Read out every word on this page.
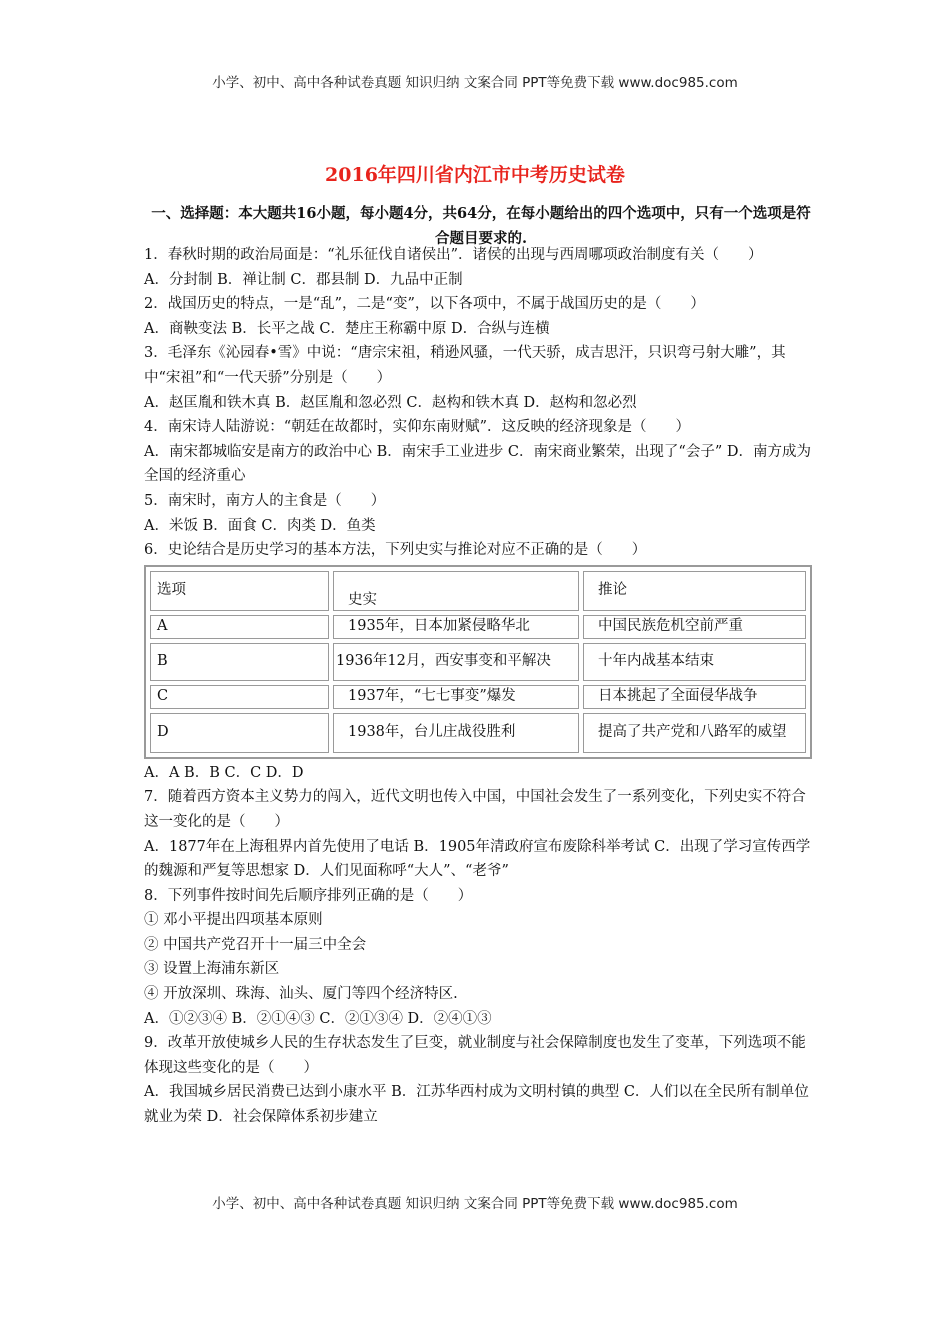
小学、初中、高中各种试卷真题 知识归纳 文案合同 PPT等免费下载 www.doc985.com
2016年四川省内江市中考历史试卷
一、选择题：本大题共16小题，每小题4分，共64分，在每小题给出的四个选项中，只有一个选项是符合题目要求的.

1．春秋时期的政治局面是：“礼乐征伐自诸侯出”．诸侯的出现与西周哪项政治制度有关（　　）

A．分封制 B．禅让制 C．郡县制 D．九品中正制

2．战国历史的特点，一是“乱”，二是“变”，以下各项中，不属于战国历史的是（　　）

A．商鞅变法 B．长平之战 C．楚庄王称霸中原 D．合纵与连横

3．毛泽东《沁园春•雪》中说：“唐宗宋祖，稍逊风骚，一代天骄，成吉思汗，只识弯弓射大雕”，其中“宋祖”和“一代天骄”分别是（　　）

A．赵匡胤和铁木真 B．赵匡胤和忽必烈 C．赵构和铁木真 D．赵构和忽必烈

4．南宋诗人陆游说：“朝廷在故都时，实仰东南财赋”．这反映的经济现象是（　　）

A．南宋都城临安是南方的政治中心 B．南宋手工业进步 C．南宋商业繁荣，出现了“会子” D．南方成为全国的经济重心

5．南宋时，南方人的主食是（　　）

A．米饭 B．面食 C．肉类 D．鱼类

6．史论结合是历史学习的基本方法，下列史实与推论对应不正确的是（　　）

选项	史实	推论
A	1935年，日本加紧侵略华北	中国民族危机空前严重
B	1936年12月，西安事变和平解决	十年内战基本结束
C	1937年，“七七事变”爆发	日本挑起了全面侵华战争
D	1938年，台儿庄战役胜利	提高了共产党和八路军的威望

A．A B．B C．C D．D

7．随着西方资本主义势力的闯入，近代文明也传入中国，中国社会发生了一系列变化，下列史实不符合这一变化的是（　　）

A．1877年在上海租界内首先使用了电话 B．1905年清政府宣布废除科举考试 C．出现了学习宣传西学的魏源和严复等思想家 D．人们见面称呼“大人”、“老爷”

8．下列事件按时间先后顺序排列正确的是（　　）

① 邓小平提出四项基本原则

② 中国共产党召开十一届三中全会

③ 设置上海浦东新区

④ 开放深圳、珠海、汕头、厦门等四个经济特区.

A．①②③④ B．②①④③ C．②①③④ D．②④①③

9．改革开放使城乡人民的生存状态发生了巨变，就业制度与社会保障制度也发生了变革，下列选项不能体现这些变化的是（　　）

A．我国城乡居民消费已达到小康水平 B．江苏华西村成为文明村镇的典型 C．人们以在全民所有制单位就业为荣 D．社会保障体系初步建立

小学、初中、高中各种试卷真题 知识归纳 文案合同 PPT等免费下载 www.doc985.com
